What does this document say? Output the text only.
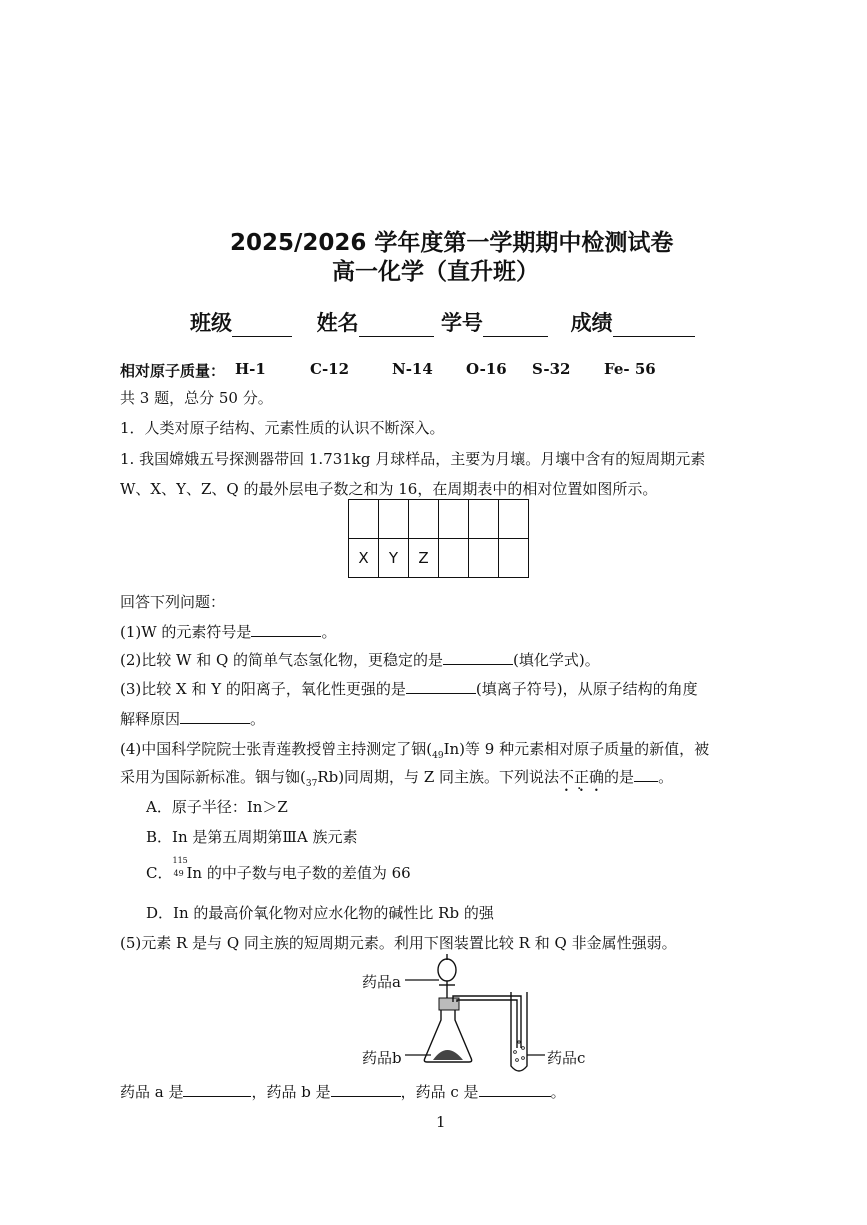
2025/2026 学年度第一学期期中检测试卷
高一化学（直升班）
班级	姓名	学号	成绩
相对原子质量： H-1	C-12	N-14 O-16 S-32 Fe- 56
共 3 题，总分 50 分。
1．人类对原子结构、元素性质的认识不断深入。
1. 我国嫦娥五号探测器带回 1.731kg 月球样品，主要为月壤。月壤中含有的短周期元素
W、X、Y、Z、Q 的最外层电子数之和为 16，在周期表中的相对位置如图所示。

X	Y	Z			
回答下列问题：
(1)W 的元素符号是	。
(2)比较 W 和 Q 的简单气态氢化物，更稳定的是	(填化学式)。
(3)比较 X 和 Y 的阳离子，氧化性更强的是	(填离子符号)，从原子结构的角度
解释原因	。
(4)中国科学院院士张青莲教授曾主持测定了铟$(_{49}In)$等 9 种元素相对原子质量的新值，被
采用为国际新标准。铟与铷$(_{37}Rb)$同周期，与 Z 同主族。下列说法不正确的是 。
A．原子半径：In＞Z
B．In 是第五周期第ⅢA 族元素
C．
115
49 In 的中子数与电子数的差值为 66
D．In 的最高价氧化物对应水化物的碱性比 Rb 的强
(5)元素 R 是与 Q 同主族的短周期元素。利用下图装置比较 R 和 Q 非金属性强弱。
药品a
药品b	药品c
药品 a 是	，药品 b 是	，药品 c 是	。
1
